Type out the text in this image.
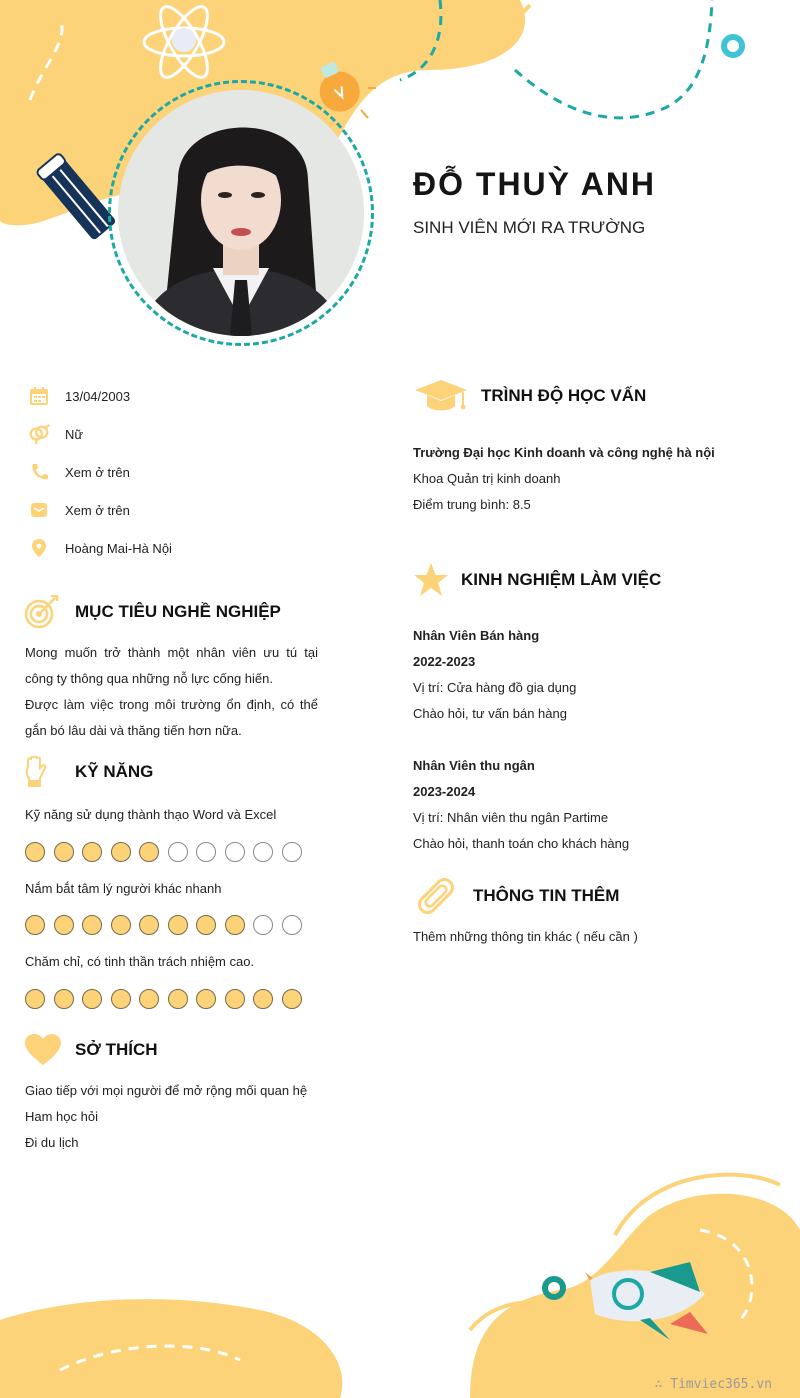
ĐỖ THUỲ ANH
SINH VIÊN MỚI RA TRƯỜNG
13/04/2003
Nữ
Xem ở trên
Xem ở trên
Hoàng Mai-Hà Nội
MỤC TIÊU NGHỀ NGHIỆP
Mong muốn trở thành một nhân viên ưu tú tại công ty thông qua những nỗ lực cống hiến.
Được làm việc trong môi trường ổn định, có thể gắn bó lâu dài và thăng tiến hơn nữa.
KỸ NĂNG
Kỹ năng sử dụng thành thạo Word và Excel
Nắm bắt tâm lý người khác nhanh
Chăm chỉ, có tinh thần trách nhiệm cao.
SỞ THÍCH
Giao tiếp với mọi người để mở rộng mối quan hệ
Ham học hỏi
Đi du lịch
TRÌNH ĐỘ HỌC VẤN
Trường Đại học Kinh doanh và công nghệ hà nội
Khoa Quản trị kinh doanh
Điểm trung bình: 8.5
KINH NGHIỆM LÀM VIỆC
Nhân Viên Bán hàng
2022-2023
Vị trí: Cửa hàng đồ gia dụng
Chào hỏi, tư vấn bán hàng
Nhân Viên thu ngân
2023-2024
Vị trí: Nhân viên thu ngân Partime
Chào hỏi, thanh toán cho khách hàng
THÔNG TIN THÊM
Thêm những thông tin khác ( nếu cần )
∴ Timviec365.vn
